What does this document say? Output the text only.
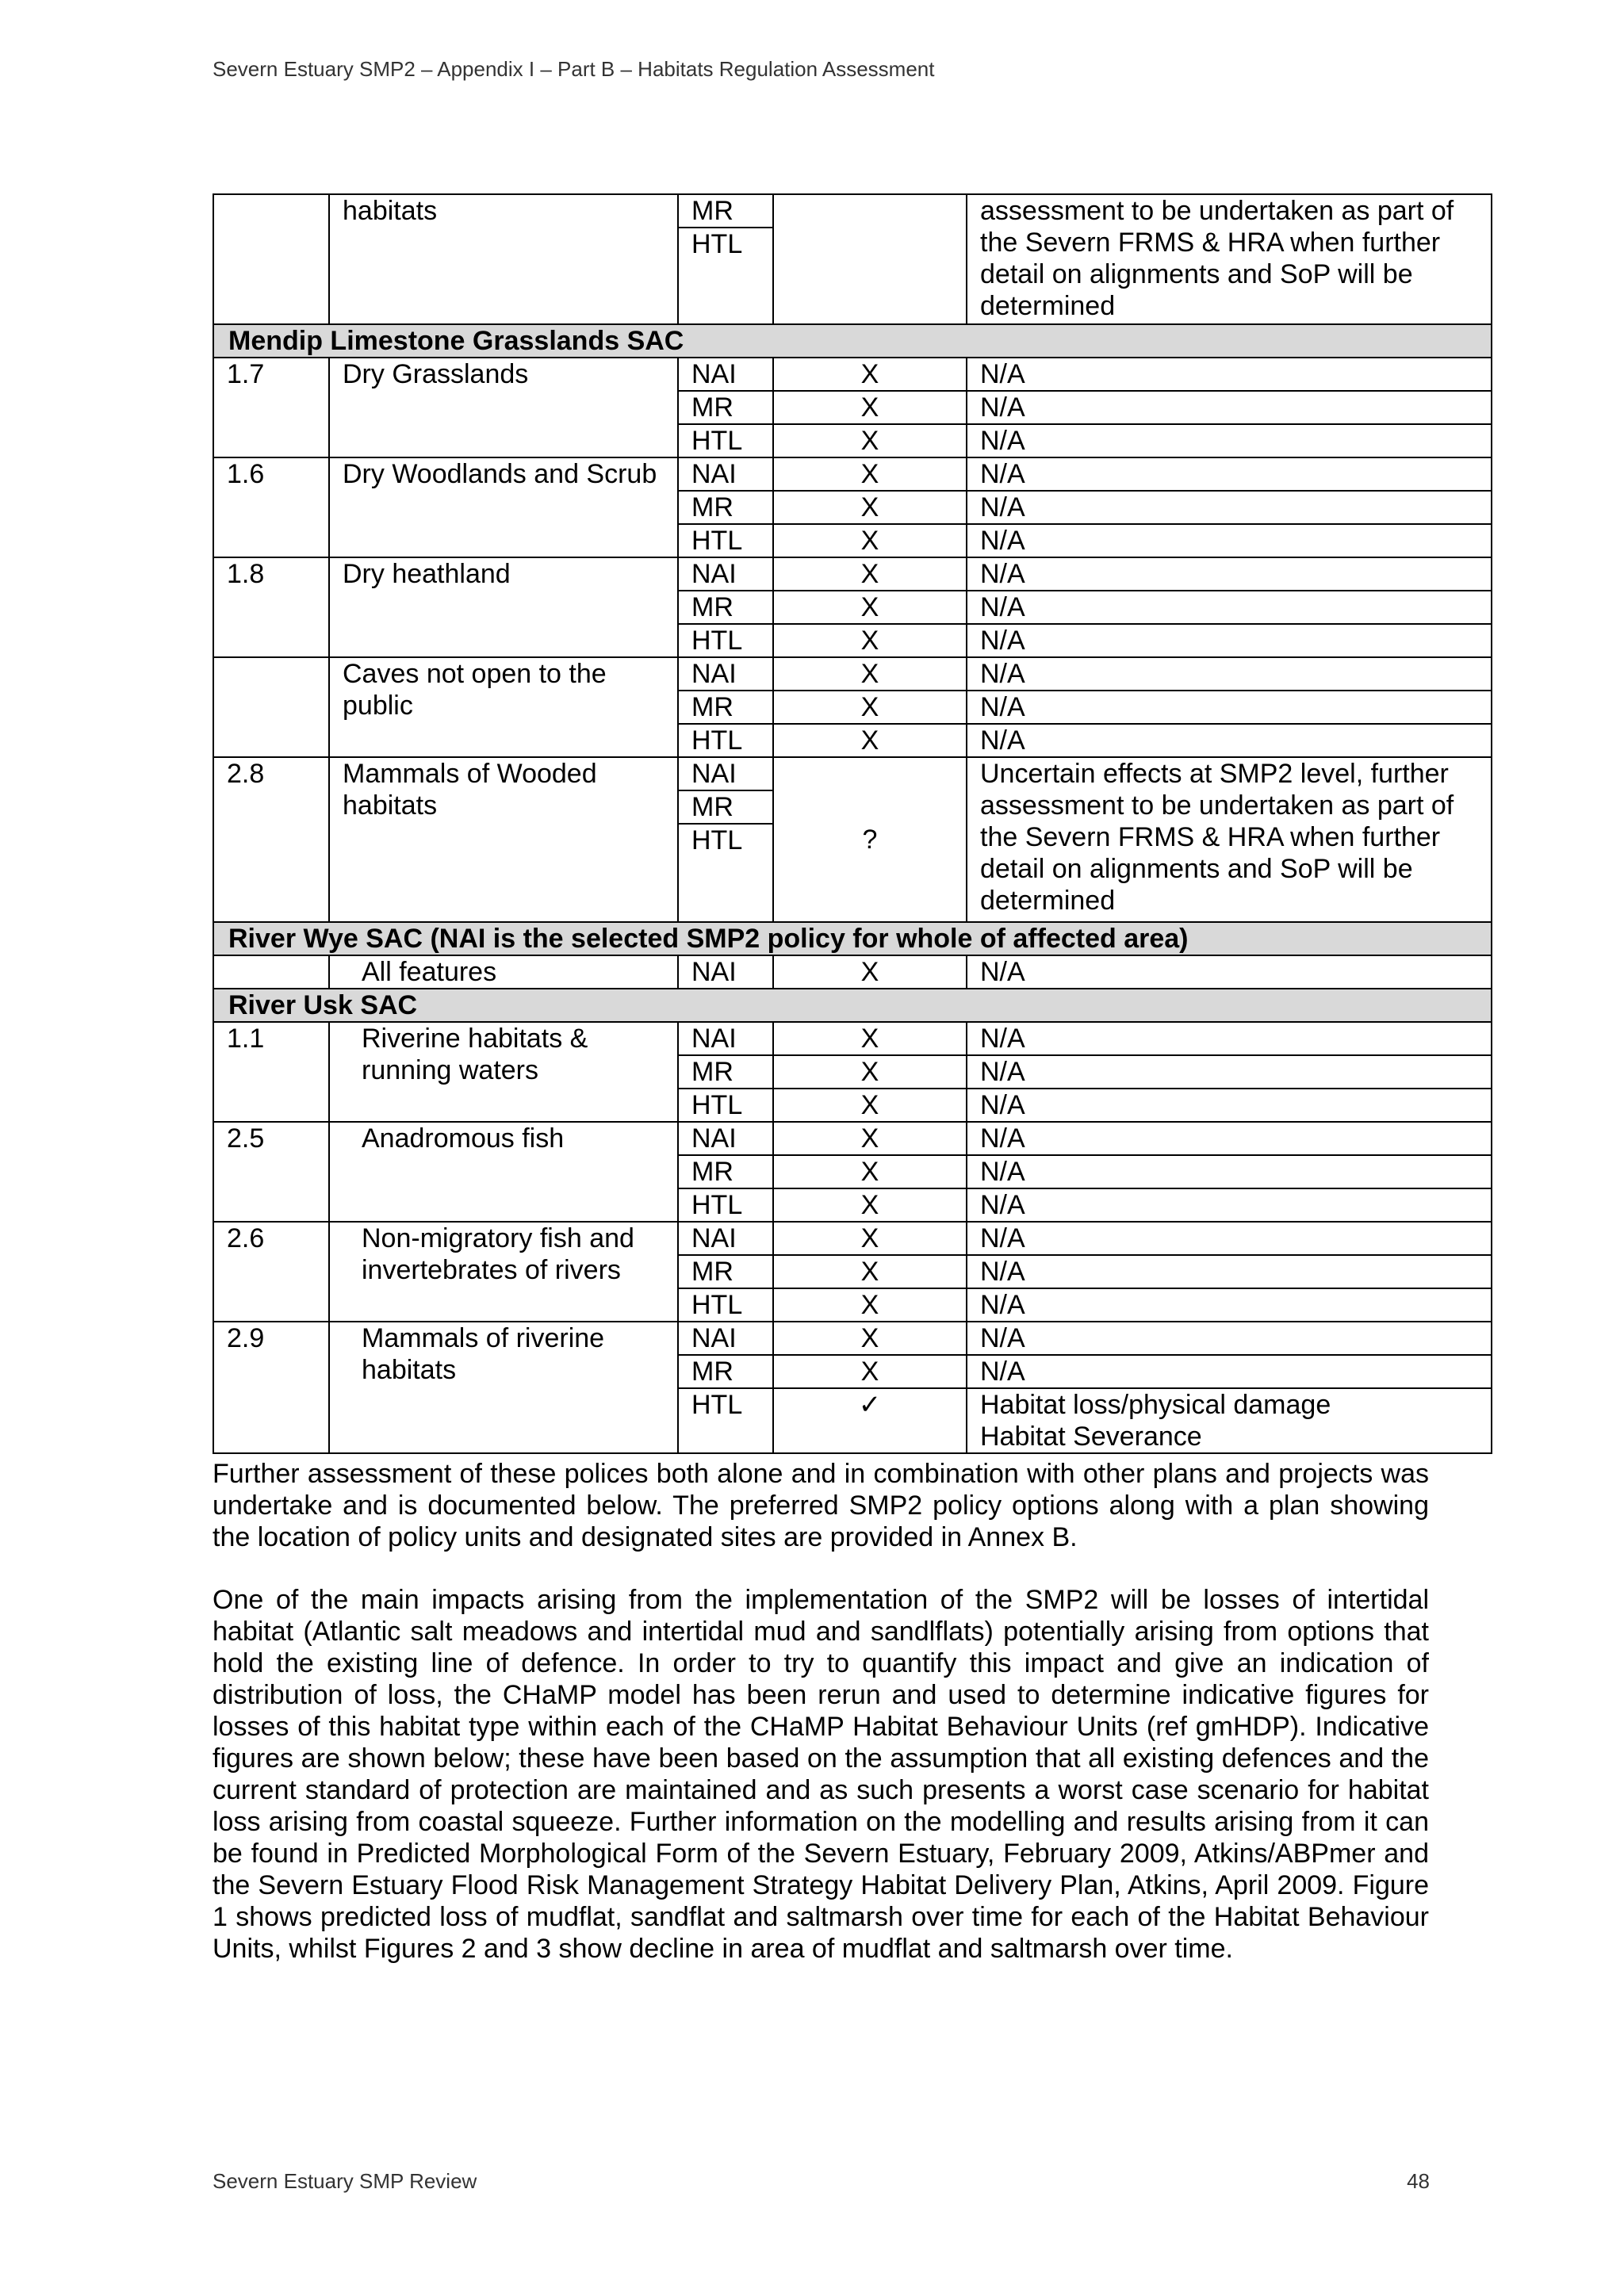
Severn Estuary SMP2 – Appendix I – Part B – Habitats Regulation Assessment
	habitats	MR		assessment to be undertaken as part of the Severn FRMS & HRA when further detail on alignments and SoP will be determined
		HTL		
Mendip Limestone Grasslands SAC				
1.7	Dry Grasslands	NAI	X	N/A
		MR	X	N/A
		HTL	X	N/A
1.6	Dry Woodlands and Scrub	NAI	X	N/A
		MR	X	N/A
		HTL	X	N/A
1.8	Dry heathland	NAI	X	N/A
		MR	X	N/A
		HTL	X	N/A
	Caves not open to the public	NAI	X	N/A
		MR	X	N/A
		HTL	X	N/A
2.8	Mammals of Wooded habitats	NAI	?	Uncertain effects at SMP2 level, further assessment to be undertaken as part of the Severn FRMS & HRA when further detail on alignments and SoP will be determined
		MR		
		HTL		
River Wye SAC (NAI is the selected SMP2 policy for whole of affected area)				
	All features	NAI	X	N/A
River Usk SAC				
1.1	Riverine habitats & running waters	NAI	X	N/A
		MR	X	N/A
		HTL	X	N/A
2.5	Anadromous fish	NAI	X	N/A
		MR	X	N/A
		HTL	X	N/A
2.6	Non-migratory fish and invertebrates of rivers	NAI	X	N/A
		MR	X	N/A
		HTL	X	N/A
2.9	Mammals of riverine habitats	NAI	X	N/A
		MR	X	N/A
		HTL	✓	Habitat loss/physical damage
Habitat Severance

Further assessment of these polices both alone and in combination with other plans and projects was undertake and is documented below. The preferred SMP2 policy options along with a plan showing the location of policy units and designated sites are provided in Annex B.

One of the main impacts arising from the implementation of the SMP2 will be losses of intertidal habitat (Atlantic salt meadows and intertidal mud and sandlflats) potentially arising from options that hold the existing line of defence. In order to try to quantify this impact and give an indication of distribution of loss, the CHaMP model has been rerun and used to determine indicative figures for losses of this habitat type within each of the CHaMP Habitat Behaviour Units (ref gmHDP). Indicative figures are shown below; these have been based on the assumption that all existing defences and the current standard of protection are maintained and as such presents a worst case scenario for habitat loss arising from coastal squeeze. Further information on the modelling and results arising from it can be found in Predicted Morphological Form of the Severn Estuary, February 2009, Atkins/ABPmer and the Severn Estuary Flood Risk Management Strategy Habitat Delivery Plan, Atkins, April 2009. Figure 1 shows predicted loss of mudflat, sandflat and saltmarsh over time for each of the Habitat Behaviour Units, whilst Figures 2 and 3 show decline in area of mudflat and saltmarsh over time.

Severn Estuary SMP Review	48
